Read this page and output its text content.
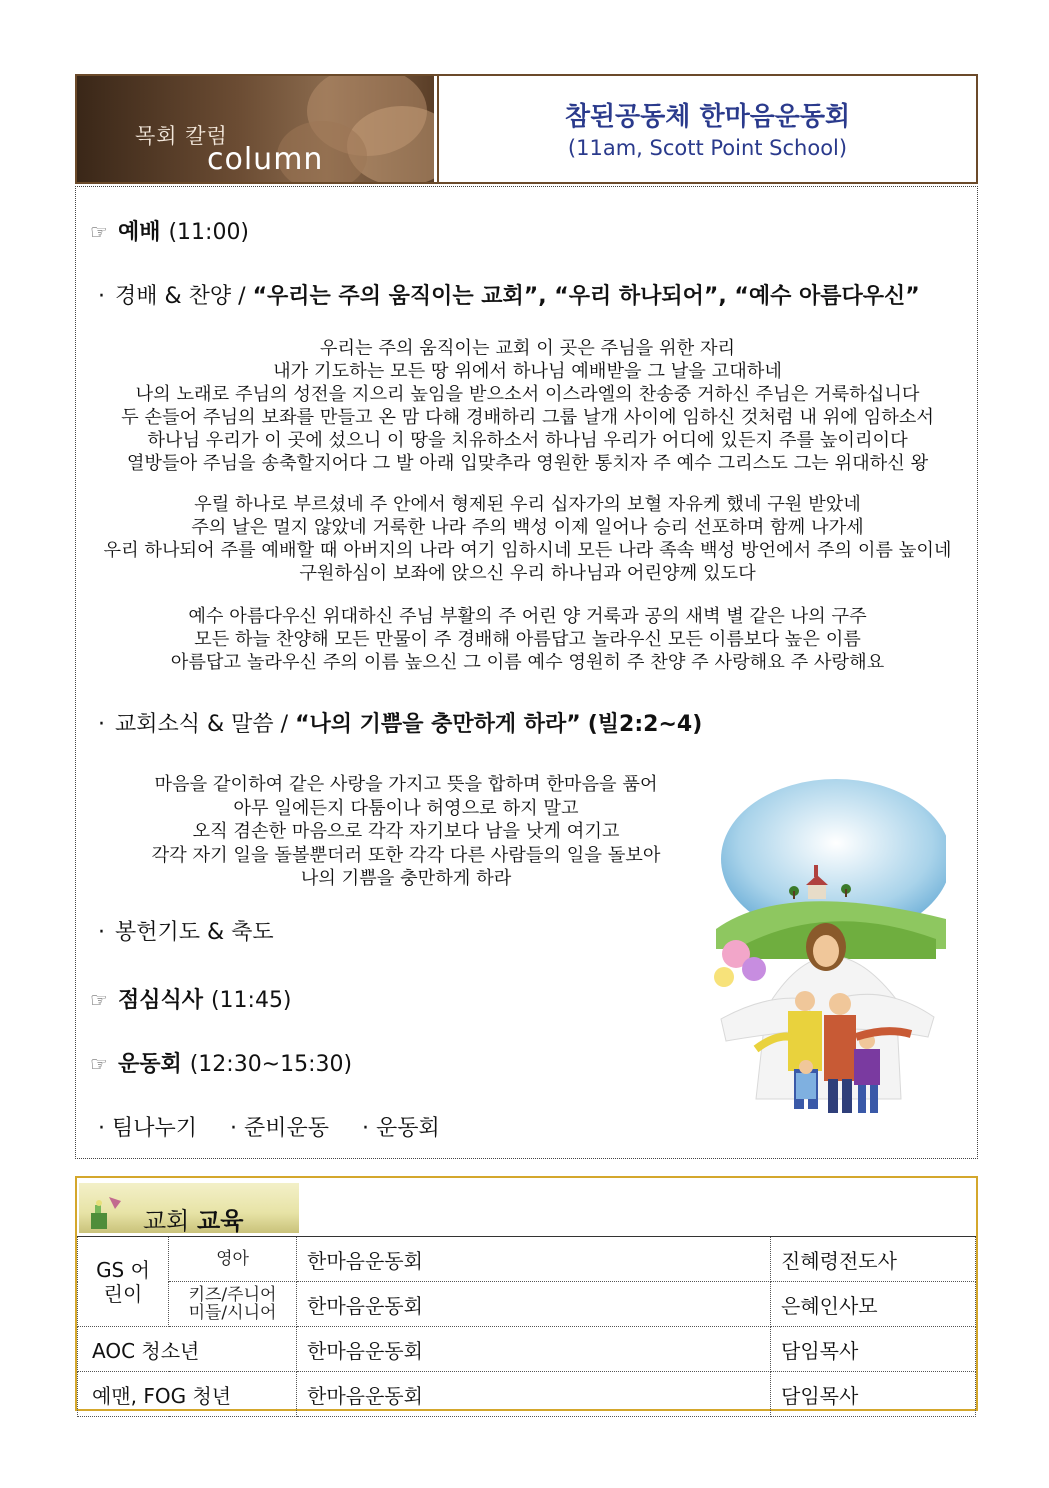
목회 칼럼
column
참된공동체 한마음운동회
(11am, Scott Point School)
☞ 예배 (11:00)
· 경배 & 찬양 / “우리는 주의 움직이는 교회”, “우리 하나되어”, “예수 아름다우신”
우리는 주의 움직이는 교회 이 곳은 주님을 위한 자리
내가 기도하는 모든 땅 위에서 하나님 예배받을 그 날을 고대하네
나의 노래로 주님의 성전을 지으리 높임을 받으소서 이스라엘의 찬송중 거하신 주님은 거룩하십니다
두 손들어 주님의 보좌를 만들고 온 맘 다해 경배하리 그룹 날개 사이에 임하신 것처럼 내 위에 임하소서
하나님 우리가 이 곳에 섰으니 이 땅을 치유하소서 하나님 우리가 어디에 있든지 주를 높이리이다
열방들아 주님을 송축할지어다 그 발 아래 입맞추라 영원한 통치자 주 예수 그리스도 그는 위대하신 왕
우릴 하나로 부르셨네 주 안에서 형제된 우리 십자가의 보혈 자유케 했네 구원 받았네
주의 날은 멀지 않았네 거룩한 나라 주의 백성 이제 일어나 승리 선포하며 함께 나가세
우리 하나되어 주를 예배할 때 아버지의 나라 여기 임하시네 모든 나라 족속 백성 방언에서 주의 이름 높이네
구원하심이 보좌에 앉으신 우리 하나님과 어린양께 있도다
예수 아름다우신 위대하신 주님 부활의 주 어린 양 거룩과 공의 새벽 별 같은 나의 구주
모든 하늘 찬양해 모든 만물이 주 경배해 아름답고 놀라우신 모든 이름보다 높은 이름
아름답고 놀라우신 주의 이름 높으신 그 이름 예수 영원히 주 찬양 주 사랑해요 주 사랑해요
· 교회소식 & 말씀 / “나의 기쁨을 충만하게 하라” (빌2:2~4)
마음을 같이하여 같은 사랑을 가지고 뜻을 합하며 한마음을 품어
아무 일에든지 다툼이나 허영으로 하지 말고
오직 겸손한 마음으로 각각 자기보다 남을 낫게 여기고
각각 자기 일을 돌볼뿐더러 또한 각각 다른 사람들의 일을 돌보아
나의 기쁨을 충만하게 하라
· 봉헌기도 & 축도
☞ 점심식사 (11:45)
☞ 운동회 (12:30~15:30)
· 팀나누기 · 준비운동 · 운동회
교회 교육
GS 어린이	영아	한마음운동회	진혜령전도사
	키즈/주니어 미들/시니어	한마음운동회	은혜인사모
AOC 청소년		한마음운동회	담임목사
예맨, FOG 청년		한마음운동회	담임목사
